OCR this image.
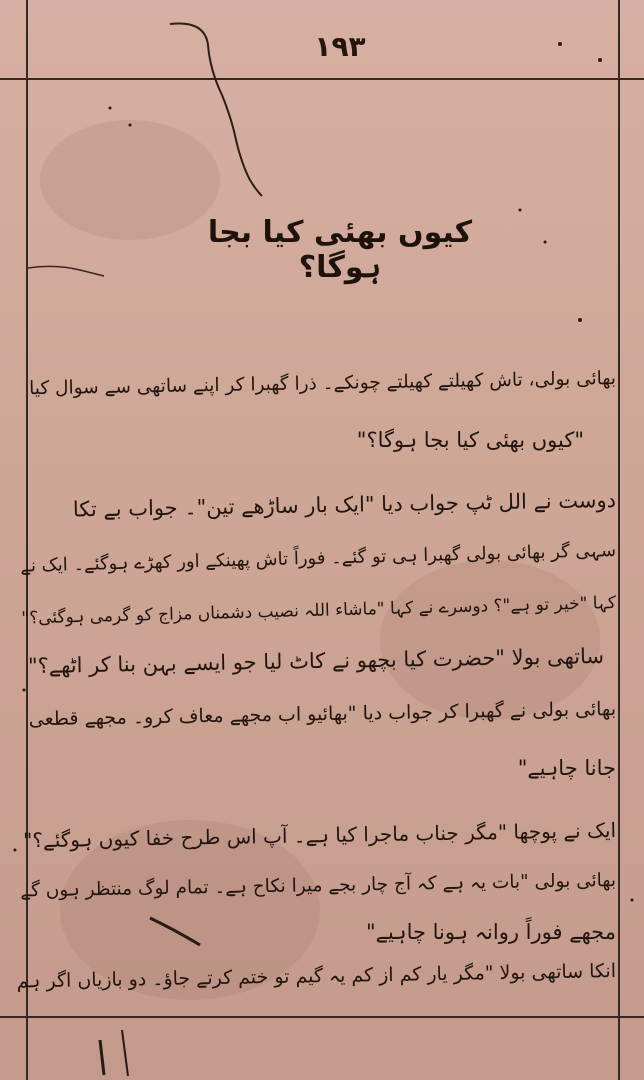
۱۹۳
کیوں بھئی کیا بجا ہوگا؟
بھائی بولی، تاش کھیلتے کھیلتے چونکے۔ ذرا گھبرا کر اپنے ساتھی سے سوال کیا
"کیوں بھئی کیا بجا ہوگا؟"
دوست نے الل ٹپ جواب دیا "ایک بار ساڑھے تین"۔ جواب بے تکا
سہی گر بھائی بولی گھبرا ہی تو گئے۔ فوراً تاش پھینکے اور کھڑے ہوگئے۔ ایک نے
کہا "خیر تو ہے"؟ دوسرے نے کہا "ماشاء اللہ نصیب دشمناں مزاج کو گرمی ہوگئی؟"
ساتھی بولا "حضرت کیا بچھو نے کاٹ لیا جو ایسے بہن بنا کر اٹھے؟"
بھائی بولی نے گھبرا کر جواب دیا "بھائیو اب مجھے معاف کرو۔ مجھے قطعی
جانا چاہیے"
ایک نے پوچھا "مگر جناب ماجرا کیا ہے۔ آپ اس طرح خفا کیوں ہوگئے؟"
بھائی بولی "بات یہ ہے کہ آج چار بجے میرا نکاح ہے۔ تمام لوگ منتظر ہوں گے
مجھے فوراً روانہ ہونا چاہیے"
انکا ساتھی بولا "مگر یار کم از کم یہ گیم تو ختم کرتے جاؤ۔ دو بازیاں اگر ہم
